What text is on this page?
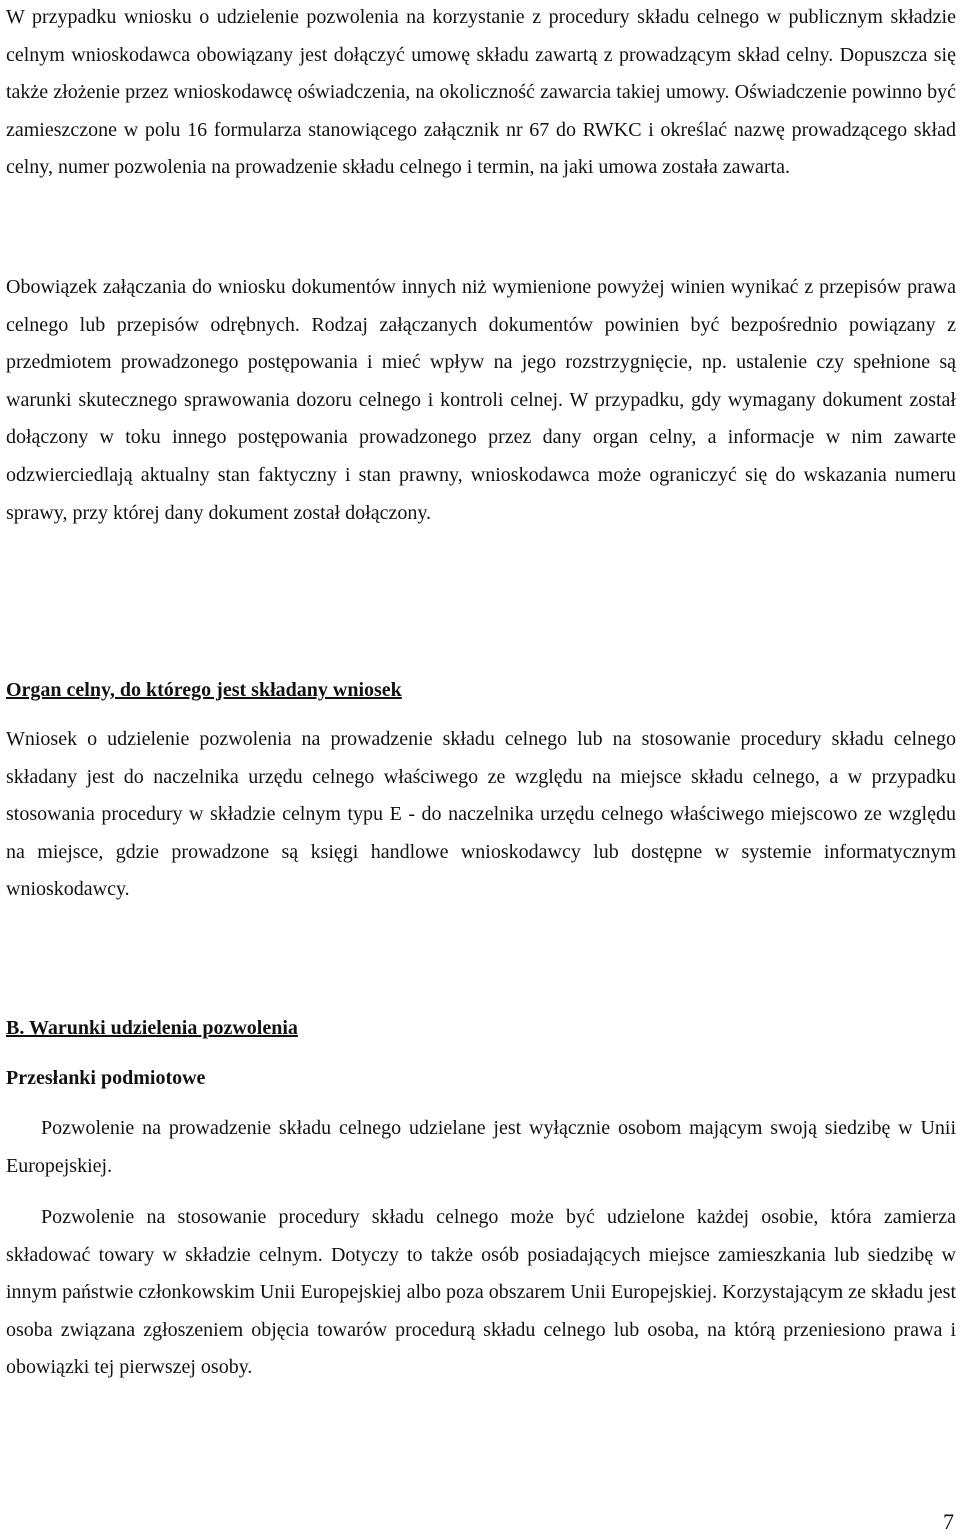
W przypadku wniosku o udzielenie pozwolenia na korzystanie z procedury składu celnego w publicznym składzie celnym wnioskodawca obowiązany jest dołączyć umowę składu zawartą z prowadzącym skład celny. Dopuszcza się także złożenie przez wnioskodawcę oświadczenia, na okoliczność zawarcia takiej umowy. Oświadczenie powinno być zamieszczone w polu 16 formularza stanowiącego załącznik nr 67 do RWKC i określać nazwę prowadzącego skład celny, numer pozwolenia na prowadzenie składu celnego i termin, na jaki umowa została zawarta.

Obowiązek załączania do wniosku dokumentów innych niż wymienione powyżej winien wynikać z przepisów prawa celnego lub przepisów odrębnych. Rodzaj załączanych dokumentów powinien być bezpośrednio powiązany z przedmiotem prowadzonego postępowania i mieć wpływ na jego rozstrzygnięcie, np. ustalenie czy spełnione są warunki skutecznego sprawowania dozoru celnego i kontroli celnej. W przypadku, gdy wymagany dokument został dołączony w toku innego postępowania prowadzonego przez dany organ celny, a informacje w nim zawarte odzwierciedlają aktualny stan faktyczny i stan prawny, wnioskodawca może ograniczyć się do wskazania numeru sprawy, przy której dany dokument został dołączony.

Organ celny, do którego jest składany wniosek

Wniosek o udzielenie pozwolenia na prowadzenie składu celnego lub na stosowanie procedury składu celnego składany jest do naczelnika urzędu celnego właściwego ze względu na miejsce składu celnego, a w przypadku stosowania procedury w składzie celnym typu E - do naczelnika urzędu celnego właściwego miejscowo ze względu na miejsce, gdzie prowadzone są księgi handlowe wnioskodawcy lub dostępne w systemie informatycznym wnioskodawcy.

B. Warunki udzielenia pozwolenia
Przesłanki podmiotowe

Pozwolenie na prowadzenie składu celnego udzielane jest wyłącznie osobom mającym swoją siedzibę w Unii Europejskiej.

Pozwolenie na stosowanie procedury składu celnego może być udzielone każdej osobie, która zamierza składować towary w składzie celnym. Dotyczy to także osób posiadających miejsce zamieszkania lub siedzibę w innym państwie członkowskim Unii Europejskiej albo poza obszarem Unii Europejskiej. Korzystającym ze składu jest osoba związana zgłoszeniem objęcia towarów procedurą składu celnego lub osoba, na którą przeniesiono prawa i obowiązki tej pierwszej osoby.

7
